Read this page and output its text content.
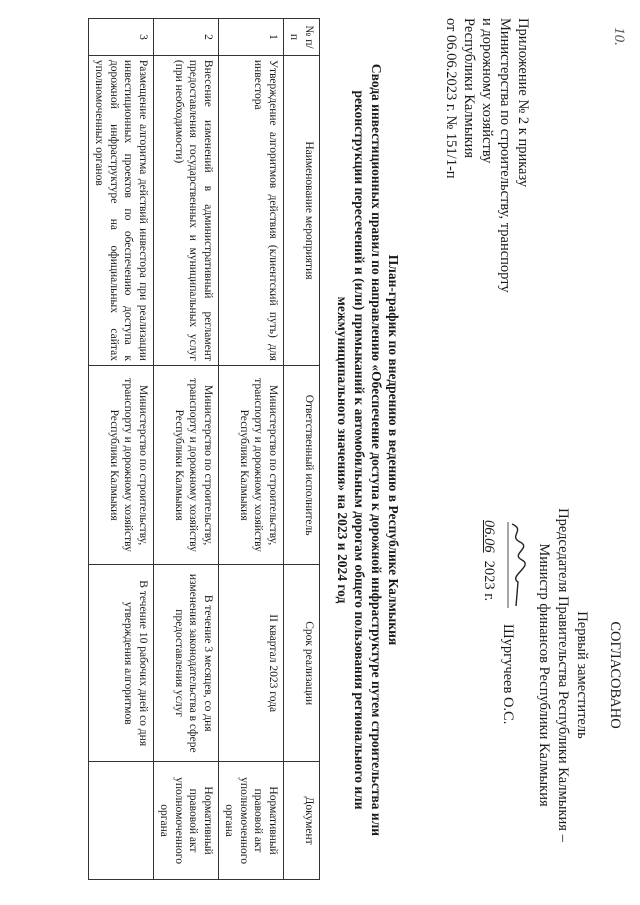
10.
СОГЛАСОВАНО
Первый заместитель
Председателя Правительства Республики Калмыкия –
Министр финансов Республики Калмыкия
Шургучеев О.С.
06.06
2023 г.
Приложение № 2 к приказу
Министерства по строительству, транспорту
и дорожному хозяйству
Республики Калмыкия
от 06.06.2023 г. № 151/1-п
План-график по внедрению в ведению в Республике Калмыкия
Свода инвестиционных правил по направлению «Обеспечение доступа к дорожной инфраструктуре путем строительства или
реконструкции пересечений и (или) примыканий к автомобильным дорогам общего пользования регионального или
межмуниципального значения» на 2023 и 2024 год
№ п/п	Наименование мероприятия	Ответственный исполнитель	Срок реализации	Документ
1	Утверждение алгоритмов действия (клиентский путь) для инвестора	Министерство по строительству, транспорту и дорожному хозяйству Республики Калмыкия	II квартал 2023 года	Нормативный правовой акт уполномоченного органа
2	Внесение изменений в административный регламент предоставления государственных и муниципальных услуг (при необходимости)	Министерство по строительству, транспорту и дорожному хозяйству Республики Калмыкия	В течение 3 месяцев, со дня изменения законодательства в сфере предоставления услуг	Нормативный правовой акт уполномоченного органа
3	Размещение алгоритма действий инвестора при реализации инвестиционных проектов по обеспечению доступа к дорожной инфраструктуре на официальных сайтах уполномоченных органов	Министерство по строительству, транспорту и дорожному хозяйству Республики Калмыкия	В течение 10 рабочих дней со дня утверждения алгоритмов	
